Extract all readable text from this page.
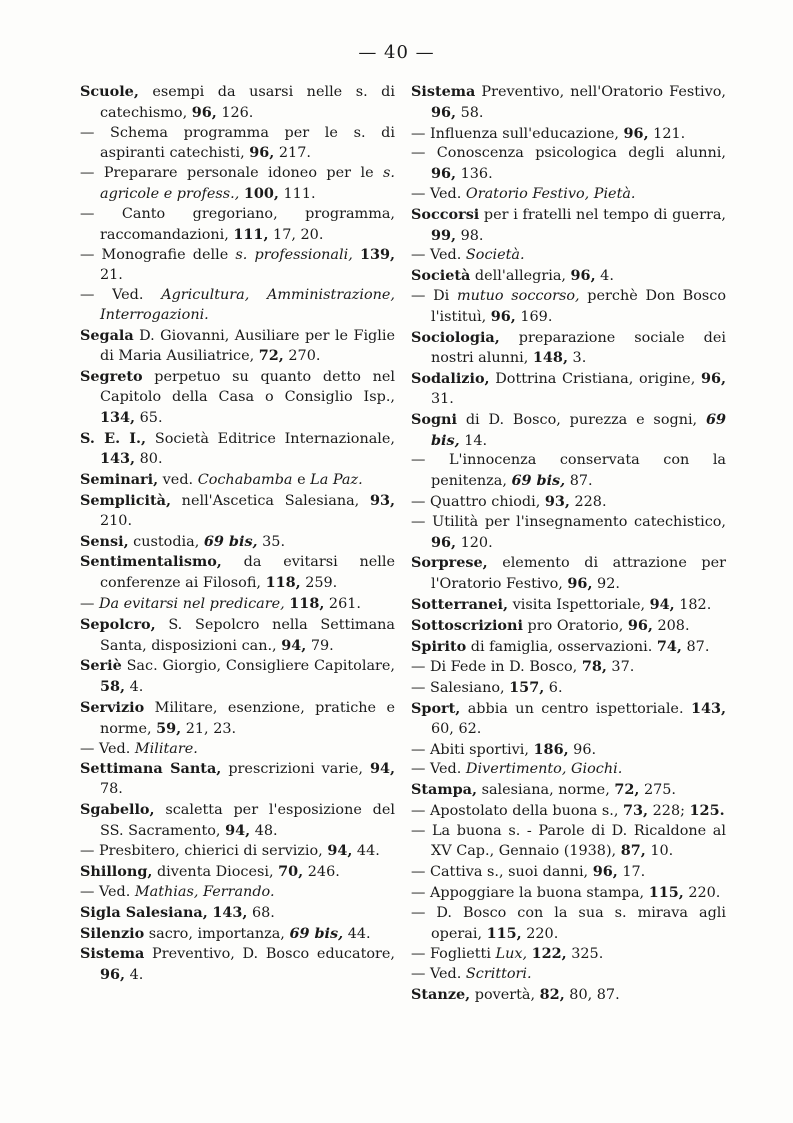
— 40 —

Scuole, esempi da usarsi nelle s. di catechismo, 96, 126.

— Schema programma per le s. di aspiranti catechisti, 96, 217.

— Preparare personale idoneo per le s. agricole e profess., 100, 111.

— Canto gregoriano, programma, raccomandazioni, 111, 17, 20.

— Monografie delle s. professionali, 139, 21.

— Ved. Agricultura, Amministrazione, Interrogazioni.

Segala D. Giovanni, Ausiliare per le Figlie di Maria Ausiliatrice, 72, 270.

Segreto perpetuo su quanto detto nel Capitolo della Casa o Consiglio Isp., 134, 65.

S. E. I., Società Editrice Internazionale, 143, 80.

Seminari, ved. Cochabamba e La Paz.

Semplicità, nell'Ascetica Salesiana, 93, 210.

Sensi, custodia, 69 bis, 35.

Sentimentalismo, da evitarsi nelle conferenze ai Filosofi, 118, 259.

— Da evitarsi nel predicare, 118, 261.

Sepolcro, S. Sepolcro nella Settimana Santa, disposizioni can., 94, 79.

Seriè Sac. Giorgio, Consigliere Capitolare, 58, 4.

Servizio Militare, esenzione, pratiche e norme, 59, 21, 23.

— Ved. Militare.

Settimana Santa, prescrizioni varie, 94, 78.

Sgabello, scaletta per l'esposizione del SS. Sacramento, 94, 48.

— Presbitero, chierici di servizio, 94, 44.

Shillong, diventa Diocesi, 70, 246.

— Ved. Mathias, Ferrando.

Sigla Salesiana, 143, 68.

Silenzio sacro, importanza, 69 bis, 44.

Sistema Preventivo, D. Bosco educatore, 96, 4.

Sistema Preventivo, nell'Oratorio Festivo, 96, 58.

— Influenza sull'educazione, 96, 121.

— Conoscenza psicologica degli alunni, 96, 136.

— Ved. Oratorio Festivo, Pietà.

Soccorsi per i fratelli nel tempo di guerra, 99, 98.

— Ved. Società.

Società dell'allegria, 96, 4.

— Di mutuo soccorso, perchè Don Bosco l'istituì, 96, 169.

Sociologia, preparazione sociale dei nostri alunni, 148, 3.

Sodalizio, Dottrina Cristiana, origine, 96, 31.

Sogni di D. Bosco, purezza e sogni, 69 bis, 14.

— L'innocenza conservata con la penitenza, 69 bis, 87.

— Quattro chiodi, 93, 228.

— Utilità per l'insegnamento catechistico, 96, 120.

Sorprese, elemento di attrazione per l'Oratorio Festivo, 96, 92.

Sotterranei, visita Ispettoriale, 94, 182.

Sottoscrizioni pro Oratorio, 96, 208.

Spirito di famiglia, osservazioni. 74, 87.

— Di Fede in D. Bosco, 78, 37.

— Salesiano, 157, 6.

Sport, abbia un centro ispettoriale. 143, 60, 62.

— Abiti sportivi, 186, 96.

— Ved. Divertimento, Giochi.

Stampa, salesiana, norme, 72, 275.

— Apostolato della buona s., 73, 228; 125.

— La buona s. - Parole di D. Ricaldone al XV Cap., Gennaio (1938), 87, 10.

— Cattiva s., suoi danni, 96, 17.

— Appoggiare la buona stampa, 115, 220.

— D. Bosco con la sua s. mirava agli operai, 115, 220.

— Foglietti Lux, 122, 325.

— Ved. Scrittori.

Stanze, povertà, 82, 80, 87.
